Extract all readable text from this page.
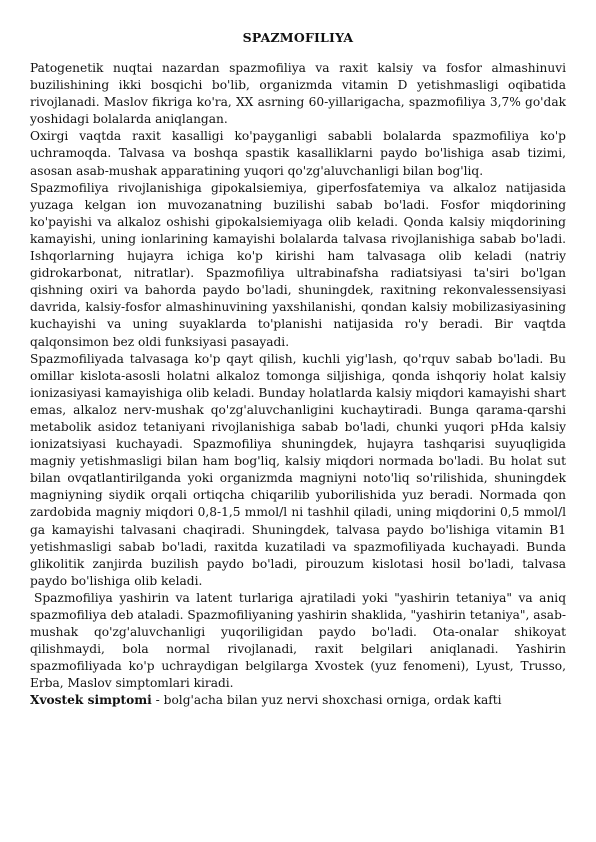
SPAZMOFILIYA

Patogenetik nuqtai nazardan spazmofiliya va raxit kalsiy va fosfor almashinuvi buzilishining ikki bosqichi bo'lib, organizmda vitamin D yetishmasligi oqibatida rivojlanadi. Maslov fikriga ko'ra, XX asrning 60-yillarigacha, spazmofiliya 3,7% go'dak yoshidagi bolalarda aniqlangan.

Oxirgi vaqtda raxit kasalligi ko'payganligi sababli bolalarda spazmofiliya ko'p uchramoqda. Talvasa va boshqa spastik kasalliklarni paydo bo'lishiga asab tizimi, asosan asab-mushak apparatining yuqori qo'zg'aluvchanligi bilan bog'liq.

Spazmofiliya rivojlanishiga gipokalsiemiya, giperfosfatemiya va alkaloz natijasida yuzaga kelgan ion muvozanatning buzilishi sabab bo'ladi. Fosfor miqdorining ko'payishi va alkaloz oshishi gipokalsiemiyaga olib keladi. Qonda kalsiy miqdorining kamayishi, uning ionlarining kamayishi bolalarda talvasa rivojlanishiga sabab bo'ladi. Ishqorlarning hujayra ichiga ko'p kirishi ham talvasaga olib keladi (natriy gidrokarbonat, nitratlar). Spazmofiliya ultrabinafsha radiatsiyasi ta'siri bo'lgan qishning oxiri va bahorda paydo bo'ladi, shuningdek, raxitning rekonvalessensiyasi davrida, kalsiy-fosfor almashinuvining yaxshilanishi, qondan kalsiy mobilizasiyasining kuchayishi va uning suyaklarda to'planishi natijasida ro'y beradi. Bir vaqtda qalqonsimon bez oldi funksiyasi pasayadi.

Spazmofiliyada talvasaga ko'p qayt qilish, kuchli yig'lash, qo'rquv sabab bo'ladi. Bu omillar kislota-asosli holatni alkaloz tomonga siljishiga, qonda ishqoriy holat kalsiy ionizasiyasi kamayishiga olib keladi. Bunday holatlarda kalsiy miqdori kamayishi shart emas, alkaloz nerv-mushak qo'zg'aluvchanligini kuchaytiradi. Bunga qarama-qarshi metabolik asidoz tetaniyani rivojlanishiga sabab bo'ladi, chunki yuqori pHda kalsiy ionizatsiyasi kuchayadi. Spazmofiliya shuningdek, hujayra tashqarisi suyuqligida magniy yetishmasligi bilan ham bog'liq, kalsiy miqdori normada bo'ladi. Bu holat sut bilan ovqatlantirilganda yoki organizmda magniyni noto'liq so'rilishida, shuningdek magniyning siydik orqali ortiqcha chiqarilib yuborilishida yuz beradi. Normada qon zardobida magniy miqdori 0,8-1,5 mmol/l ni tashhil qiladi, uning miqdorini 0,5 mmol/l ga kamayishi talvasani chaqiradi. Shuningdek, talvasa paydo bo'lishiga vitamin B1 yetishmasligi sabab bo'ladi, raxitda kuzatiladi va spazmofiliyada kuchayadi. Bunda glikolitik zanjirda buzilish paydo bo'ladi, pirouzum kislotasi hosil bo'ladi, talvasa paydo bo'lishiga olib keladi.

Spazmofiliya yashirin va latent turlariga ajratiladi yoki "yashirin tetaniya" va aniq spazmofiliya deb ataladi. Spazmofiliyaning yashirin shaklida, "yashirin tetaniya", asab-mushak qo'zg'aluvchanligi yuqoriligidan paydo bo'ladi. Ota-onalar shikoyat qilishmaydi, bola normal rivojlanadi, raxit belgilari aniqlanadi. Yashirin spazmofiliyada ko'p uchraydigan belgilarga Xvostek (yuz fenomeni), Lyust, Trusso, Erba, Maslov simptomlari kiradi.

Xvostek simptomi - bolg'acha bilan yuz nervi shoxchasi orniga, ordak kafti
